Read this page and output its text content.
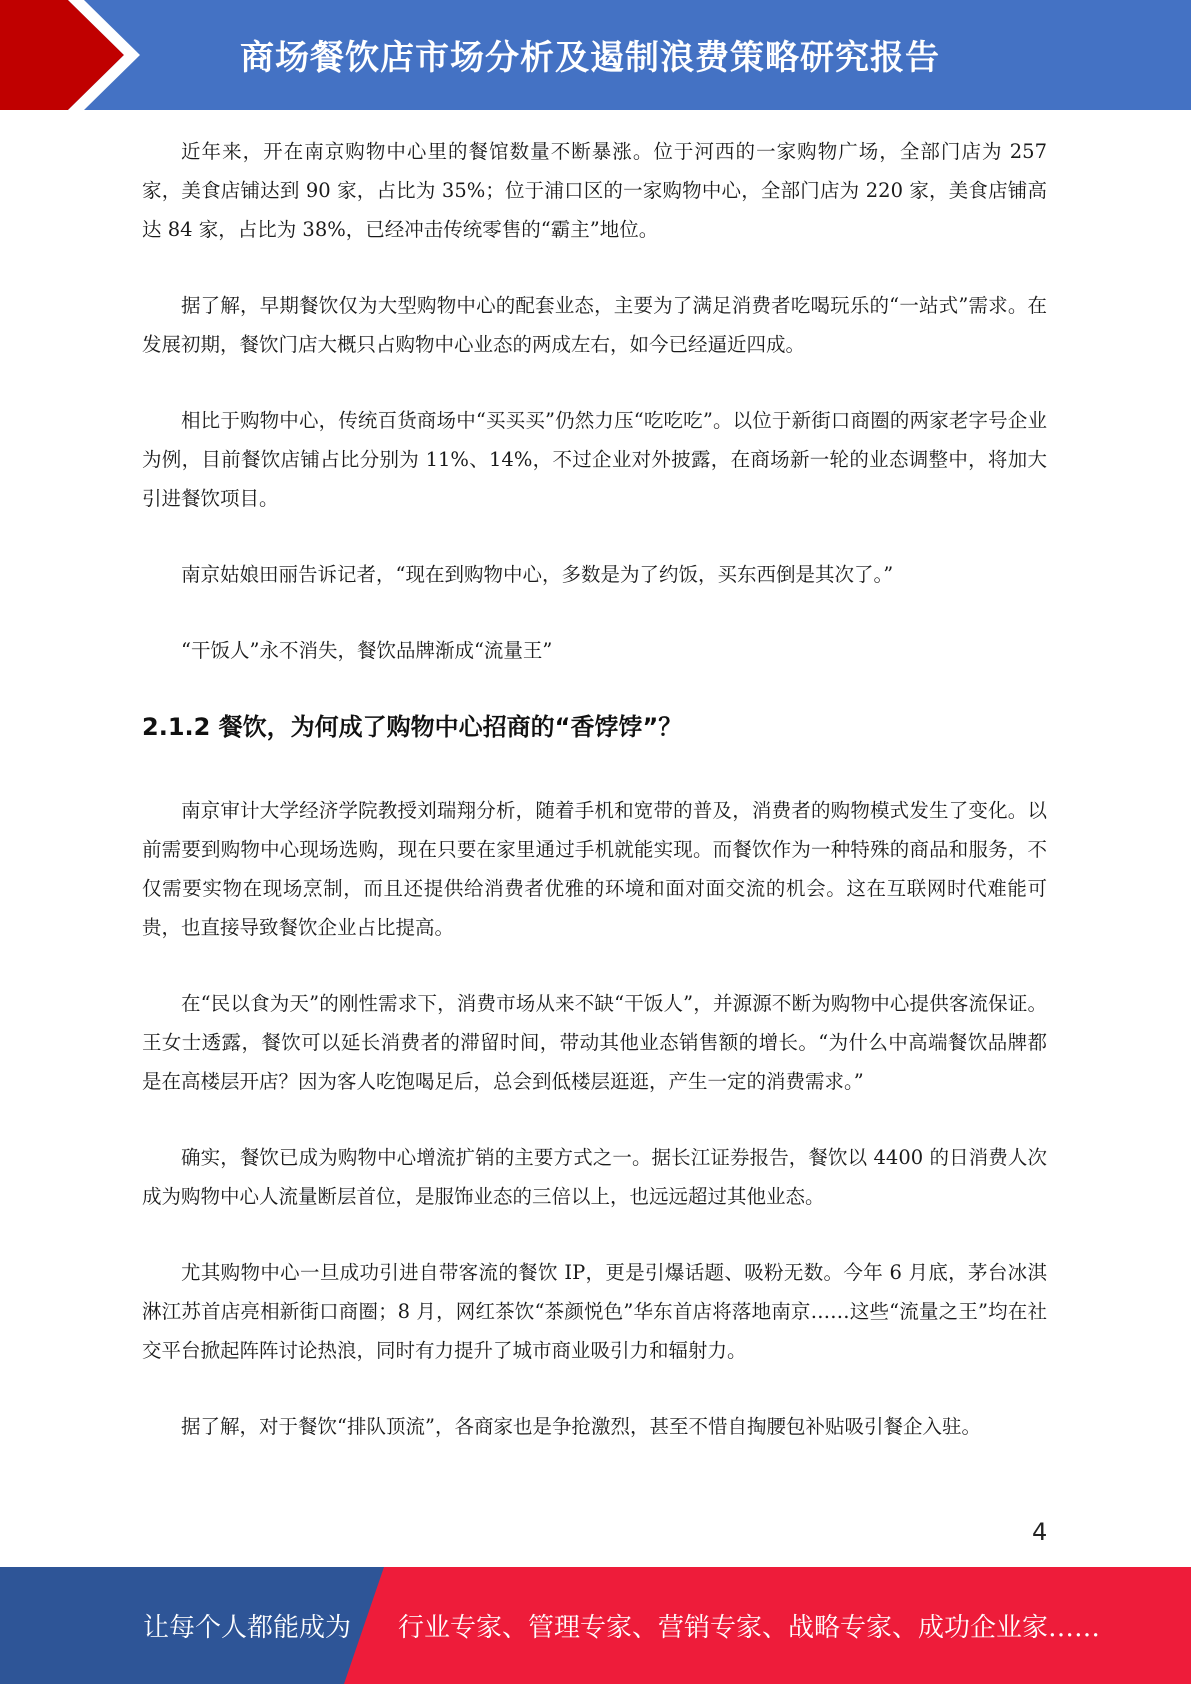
商场餐饮店市场分析及遏制浪费策略研究报告

近年来，开在南京购物中心里的餐馆数量不断暴涨。位于河西的一家购物广场，全部门店为 257 家，美食店铺达到 90 家，占比为 35%；位于浦口区的一家购物中心，全部门店为 220 家，美食店铺高达 84 家，占比为 38%，已经冲击传统零售的“霸主”地位。

据了解，早期餐饮仅为大型购物中心的配套业态，主要为了满足消费者吃喝玩乐的“一站式”需求。在发展初期，餐饮门店大概只占购物中心业态的两成左右，如今已经逼近四成。

相比于购物中心，传统百货商场中“买买买”仍然力压“吃吃吃”。以位于新街口商圈的两家老字号企业为例，目前餐饮店铺占比分别为 11%、14%，不过企业对外披露，在商场新一轮的业态调整中，将加大引进餐饮项目。

南京姑娘田丽告诉记者，“现在到购物中心，多数是为了约饭，买东西倒是其次了。”

“干饭人”永不消失，餐饮品牌渐成“流量王”

2.1.2 餐饮，为何成了购物中心招商的“香饽饽”？

南京审计大学经济学院教授刘瑞翔分析，随着手机和宽带的普及，消费者的购物模式发生了变化。以前需要到购物中心现场选购，现在只要在家里通过手机就能实现。而餐饮作为一种特殊的商品和服务，不仅需要实物在现场烹制，而且还提供给消费者优雅的环境和面对面交流的机会。这在互联网时代难能可贵，也直接导致餐饮企业占比提高。

在“民以食为天”的刚性需求下，消费市场从来不缺“干饭人”，并源源不断为购物中心提供客流保证。王女士透露，餐饮可以延长消费者的滞留时间，带动其他业态销售额的增长。“为什么中高端餐饮品牌都是在高楼层开店？因为客人吃饱喝足后，总会到低楼层逛逛，产生一定的消费需求。”

确实，餐饮已成为购物中心增流扩销的主要方式之一。据长江证券报告，餐饮以 4400 的日消费人次成为购物中心人流量断层首位，是服饰业态的三倍以上，也远远超过其他业态。

尤其购物中心一旦成功引进自带客流的餐饮 IP，更是引爆话题、吸粉无数。今年 6 月底，茅台冰淇淋江苏首店亮相新街口商圈；8 月，网红茶饮“茶颜悦色”华东首店将落地南京……这些“流量之王”均在社交平台掀起阵阵讨论热浪，同时有力提升了城市商业吸引力和辐射力。

据了解，对于餐饮“排队顶流”，各商家也是争抢激烈，甚至不惜自掏腰包补贴吸引餐企入驻。

4
让每个人都能成为 行业专家、管理专家、营销专家、战略专家、成功企业家……
